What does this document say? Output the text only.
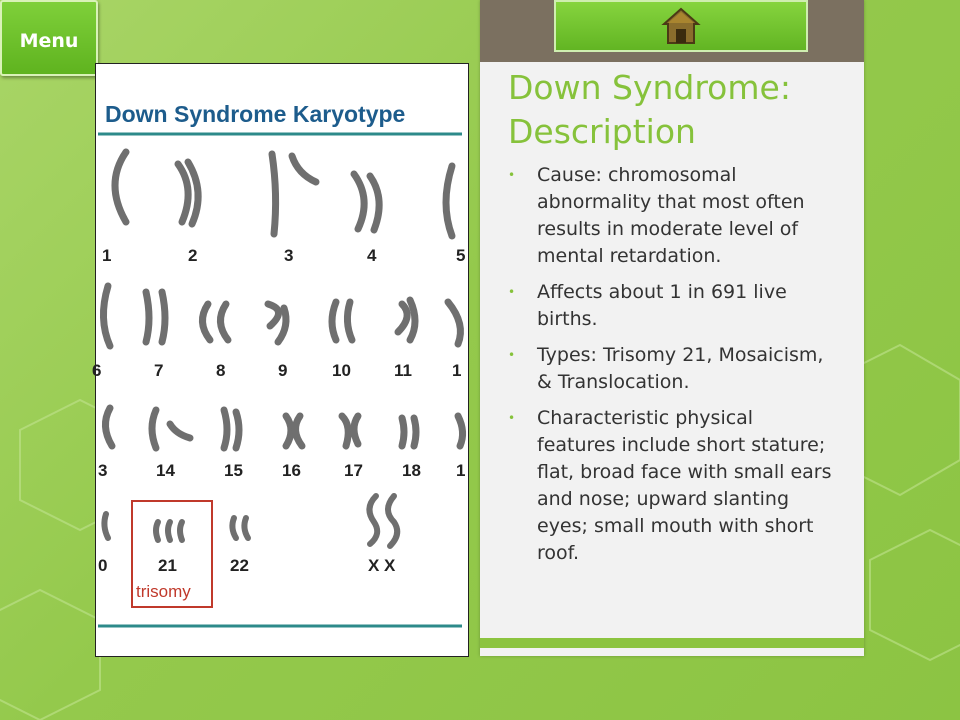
Menu
Down Syndrome Karyotype
1	2	3	4	5
6	7	8	9	10	11 1
3	14	15 16	17 18 1
0	21	22	X X
trisomy
Down Syndrome: Description
• Cause: chromosomal abnormality that most often results in moderate level of mental retardation.
• Affects about 1 in 691 live births.
• Types: Trisomy 21, Mosaicism, & Translocation.
• Characteristic physical features include short stature; flat, broad face with small ears and nose; upward slanting eyes; small mouth with short roof.
